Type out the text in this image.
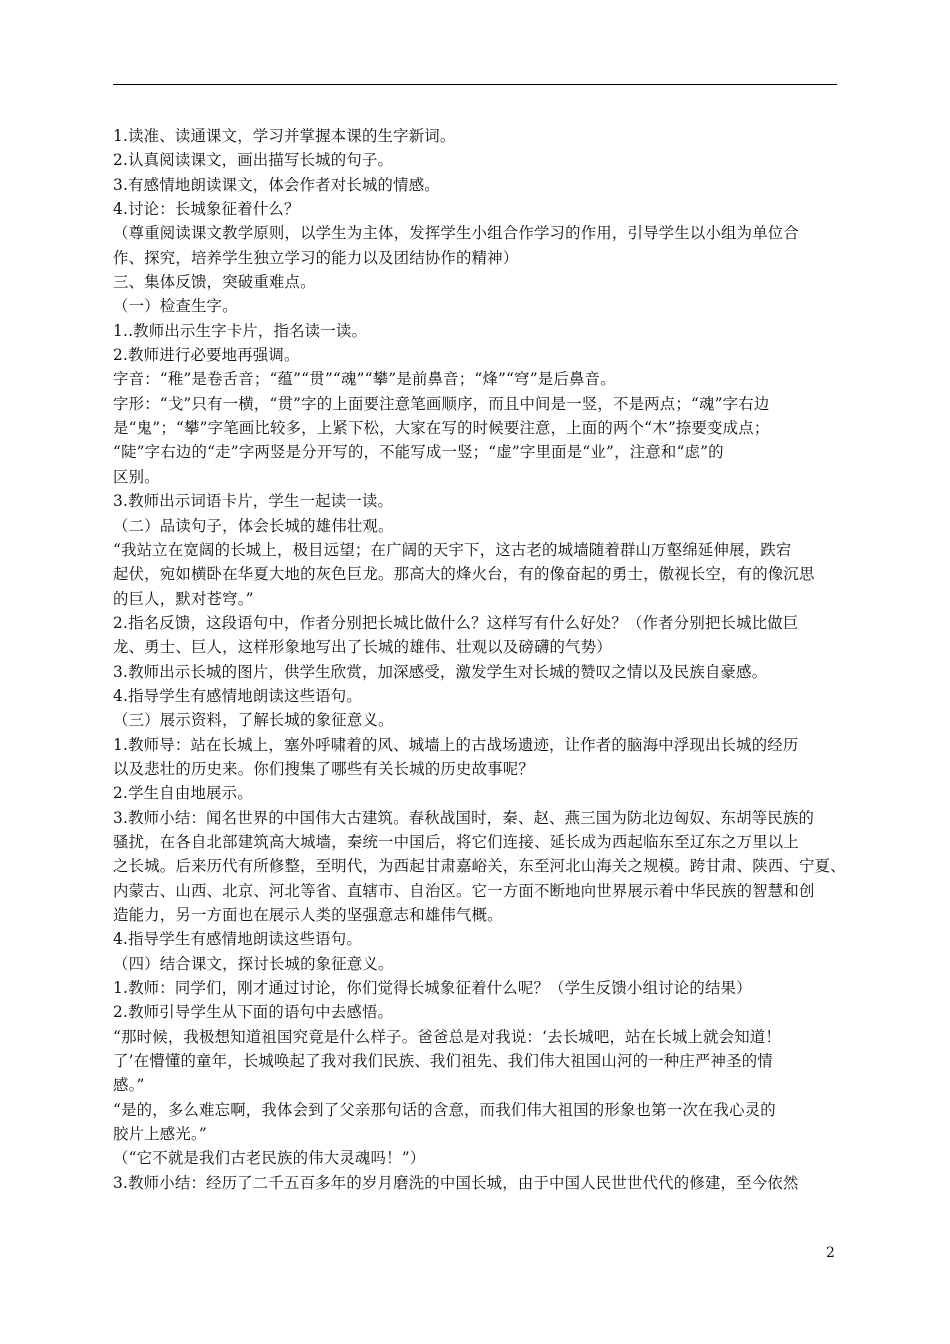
1.读准、读通课文，学习并掌握本课的生字新词。
2.认真阅读课文，画出描写长城的句子。
3.有感情地朗读课文，体会作者对长城的情感。
4.讨论：长城象征着什么？
（尊重阅读课文教学原则，以学生为主体，发挥学生小组合作学习的作用，引导学生以小组为单位合
作、探究，培养学生独立学习的能力以及团结协作的精神）
三、集体反馈，突破重难点。
（一）检查生字。
1..教师出示生字卡片，指名读一读。
2.教师进行必要地再强调。
字音：“稚”是卷舌音；“蕴”“贯”“魂”“攀”是前鼻音；“烽”“穹”是后鼻音。
字形：“戈”只有一横，“贯”字的上面要注意笔画顺序，而且中间是一竖，不是两点；“魂”字右边
是“鬼”；“攀”字笔画比较多，上紧下松，大家在写的时候要注意，上面的两个“木”捺要变成点；
“陡”字右边的“走”字两竖是分开写的，不能写成一竖；“虚”字里面是“业”，注意和“虑”的
区别。
3.教师出示词语卡片，学生一起读一读。
（二）品读句子，体会长城的雄伟壮观。
“我站立在宽阔的长城上，极目远望；在广阔的天宇下，这古老的城墙随着群山万壑绵延伸展，跌宕
起伏，宛如横卧在华夏大地的灰色巨龙。那高大的烽火台，有的像奋起的勇士，傲视长空，有的像沉思
的巨人，默对苍穹。”
2.指名反馈，这段语句中，作者分别把长城比做什么？这样写有什么好处？（作者分别把长城比做巨
龙、勇士、巨人，这样形象地写出了长城的雄伟、壮观以及磅礴的气势）
3.教师出示长城的图片，供学生欣赏，加深感受，激发学生对长城的赞叹之情以及民族自豪感。
4.指导学生有感情地朗读这些语句。
（三）展示资料，了解长城的象征意义。
1.教师导：站在长城上，塞外呼啸着的风、城墙上的古战场遗迹，让作者的脑海中浮现出长城的经历
以及悲壮的历史来。你们搜集了哪些有关长城的历史故事呢？
2.学生自由地展示。
3.教师小结：闻名世界的中国伟大古建筑。春秋战国时，秦、赵、燕三国为防北边匈奴、东胡等民族的
骚扰，在各自北部建筑高大城墙，秦统一中国后，将它们连接、延长成为西起临东至辽东之万里以上
之长城。后来历代有所修整，至明代，为西起甘肃嘉峪关，东至河北山海关之规模。跨甘肃、陕西、宁夏、
内蒙古、山西、北京、河北等省、直辖市、自治区。它一方面不断地向世界展示着中华民族的智慧和创
造能力，另一方面也在展示人类的坚强意志和雄伟气概。
4.指导学生有感情地朗读这些语句。
（四）结合课文，探讨长城的象征意义。
1.教师：同学们，刚才通过讨论，你们觉得长城象征着什么呢？（学生反馈小组讨论的结果）
2.教师引导学生从下面的语句中去感悟。
“那时候，我极想知道祖国究竟是什么样子。爸爸总是对我说：‘去长城吧，站在长城上就会知道！
了’在懵懂的童年，长城唤起了我对我们民族、我们祖先、我们伟大祖国山河的一种庄严神圣的情
感。”
“是的，多么难忘啊，我体会到了父亲那句话的含意，而我们伟大祖国的形象也第一次在我心灵的
胶片上感光。”
（“它不就是我们古老民族的伟大灵魂吗！”）
3.教师小结：经历了二千五百多年的岁月磨洗的中国长城，由于中国人民世世代代的修建，至今依然
2
